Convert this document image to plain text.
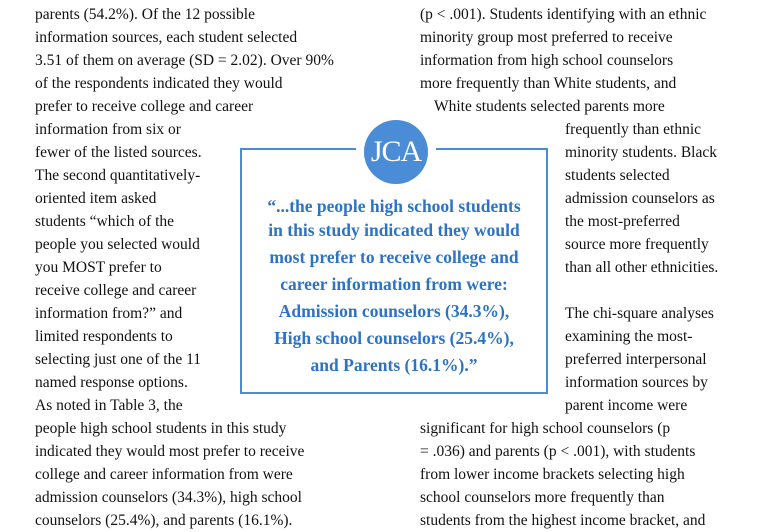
parents (54.2%). Of the 12 possible
information sources, each student selected
3.51 of them on average (SD = 2.02). Over 90%
of the respondents indicated they would
prefer to receive college and career
information from six or
fewer of the listed sources.
The second quantitatively-
oriented item asked
students “which of the
people you selected would
you MOST prefer to
receive college and career
information from?” and
limited respondents to
selecting just one of the 11
named response options.
As noted in Table 3, the
people high school students in this study
indicated they would most prefer to receive
college and career information from were
admission counselors (34.3%), high school
counselors (25.4%), and parents (16.1%).
(p < .001). Students identifying with an ethnic
minority group most preferred to receive
information from high school counselors
more frequently than White students, and
White students selected parents more
frequently than ethnic
minority students. Black
students selected
admission counselors as
the most-preferred
source more frequently
than all other ethnicities.
The chi-square analyses
examining the most-
preferred interpersonal
information sources by
parent income were
significant for high school counselors (p
= .036) and parents (p < .001), with students
from lower income brackets selecting high
school counselors more frequently than
students from the highest income bracket, and
JCA
“...the people high school students
in this study indicated they would
most prefer to receive college and
career information from were:
Admission counselors (34.3%),
High school counselors (25.4%),
and Parents (16.1%).”
